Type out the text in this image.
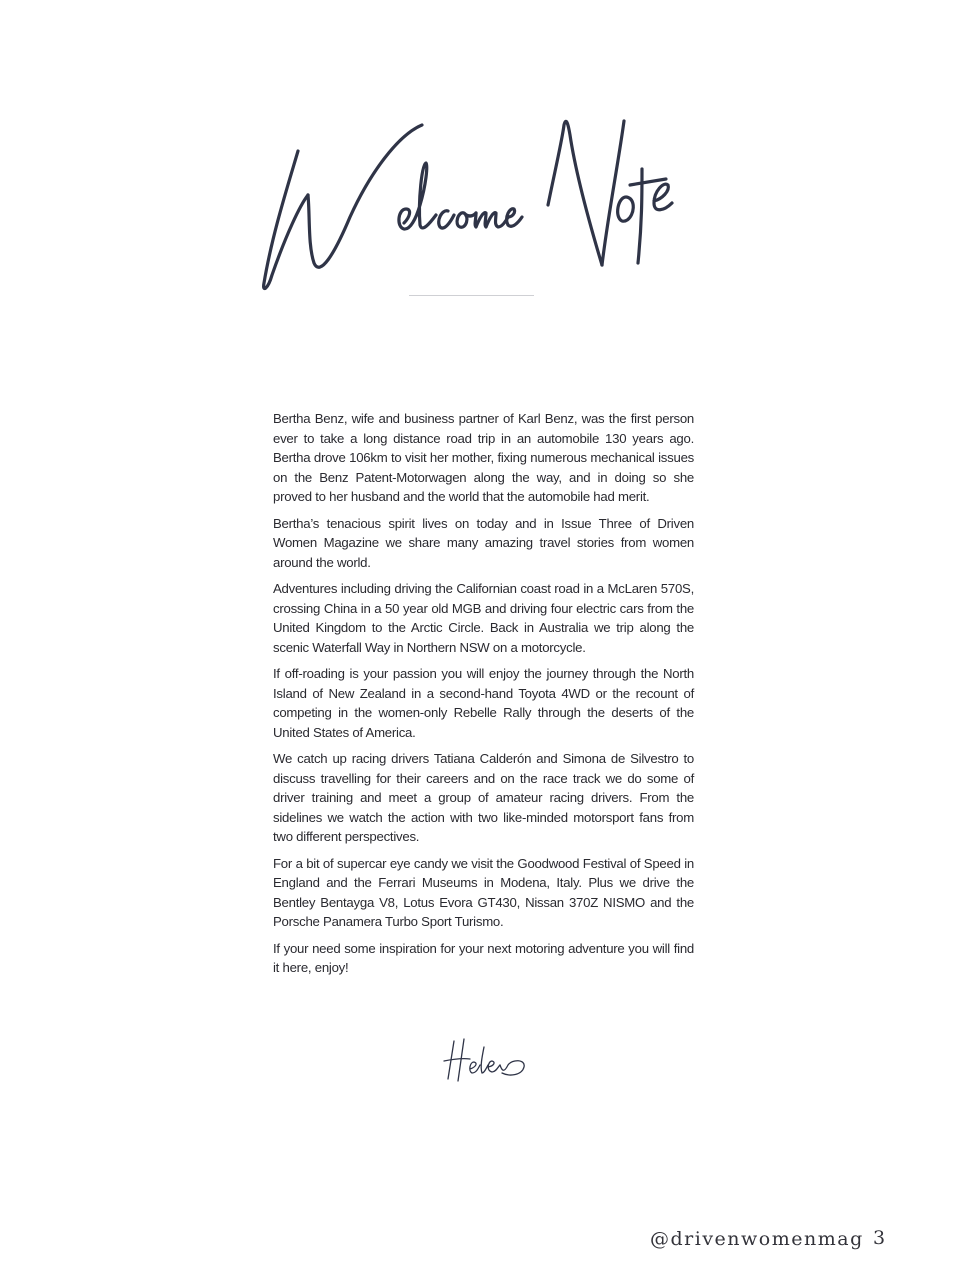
Bertha Benz, wife and business partner of Karl Benz, was the first person ever to take a long distance road trip in an automobile 130 years ago. Bertha drove 106km to visit her mother, fixing numerous mechanical issues on the Benz Patent-Motorwagen along the way, and in doing so she proved to her husband and the world that the automobile had merit.

Bertha’s tenacious spirit lives on today and in Issue Three of Driven Women Magazine we share many amazing travel stories from women around the world.

Adventures including driving the Californian coast road in a McLaren 570S, crossing China in a 50 year old MGB and driving four electric cars from the United Kingdom to the Arctic Circle. Back in Australia we trip along the scenic Waterfall Way in Northern NSW on a motorcycle.

If off-roading is your passion you will enjoy the journey through the North Island of New Zealand in a second-hand Toyota 4WD or the recount of competing in the women-only Rebelle Rally through the deserts of the United States of America.

We catch up racing drivers Tatiana Calderón and Simona de Silvestro to discuss travelling for their careers and on the race track we do some of driver training and meet a group of amateur racing drivers. From the sidelines we watch the action with two like-minded motorsport fans from two different perspectives.

For a bit of supercar eye candy we visit the Goodwood Festival of Speed in England and the Ferrari Museums in Modena, Italy. Plus we drive the Bentley Bentayga V8, Lotus Evora GT430, Nissan 370Z NISMO and the Porsche Panamera Turbo Sport Turismo.

If your need some inspiration for your next motoring adventure you will find it here, enjoy!

@drivenwomenmag 3
